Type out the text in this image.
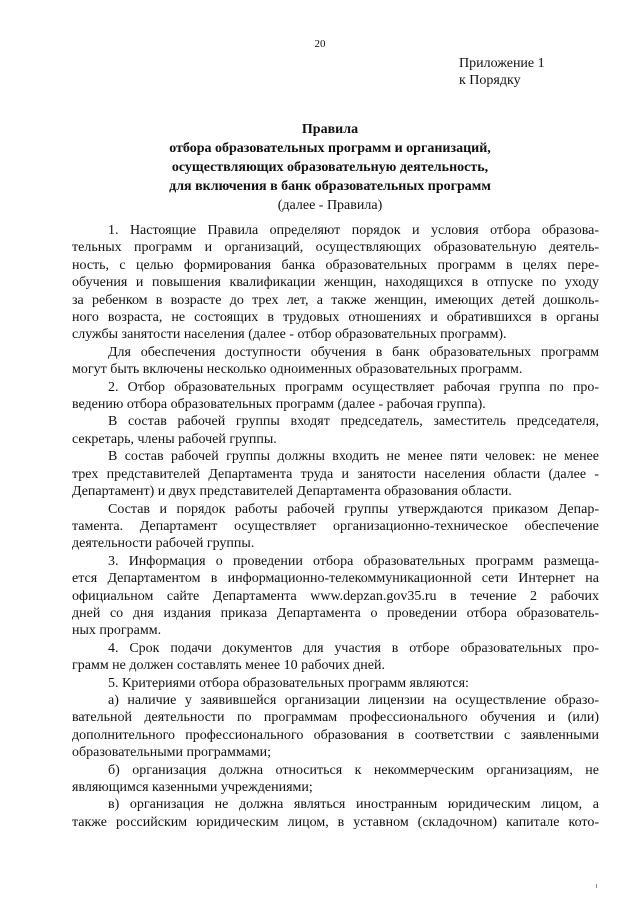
20
Приложение 1
к Порядку
Правила
отбора образовательных программ и организаций,
осуществляющих образовательную деятельность,
для включения в банк образовательных программ
(далее - Правила)

1. Настоящие Правила определяют порядок и условия отбора образова-

тельных программ и организаций, осуществляющих образовательную деятель-

ность, с целью формирования банка образовательных программ в целях пере-

обучения и повышения квалификации женщин, находящихся в отпуске по уходу

за ребенком в возрасте до трех лет, а также женщин, имеющих детей дошколь-

ного возраста, не состоящих в трудовых отношениях и обратившихся в органы

службы занятости населения (далее - отбор образовательных программ).

Для обеспечения доступности обучения в банк образовательных программ

могут быть включены несколько одноименных образовательных программ.

2. Отбор образовательных программ осуществляет рабочая группа по про-

ведению отбора образовательных программ (далее - рабочая группа).

В состав рабочей группы входят председатель, заместитель председателя,

секретарь, члены рабочей группы.

В состав рабочей группы должны входить не менее пяти человек: не менее

трех представителей Департамента труда и занятости населения области (далее -

Департамент) и двух представителей Департамента образования области.

Состав и порядок работы рабочей группы утверждаются приказом Депар-

тамента. Департамент осуществляет организационно-техническое обеспечение

деятельности рабочей группы.

3. Информация о проведении отбора образовательных программ размеща-

ется Департаментом в информационно-телекоммуникационной сети Интернет на

официальном сайте Департамента www.depzan.gov35.ru в течение 2 рабочих

дней со дня издания приказа Департамента о проведении отбора образователь-

ных программ.

4. Срок подачи документов для участия в отборе образовательных про-

грамм не должен составлять менее 10 рабочих дней.

5. Критериями отбора образовательных программ являются:

а) наличие у заявившейся организации лицензии на осуществление образо-

вательной деятельности по программам профессионального обучения и (или)

дополнительного профессионального образования в соответствии с заявленными

образовательными программами;

б) организация должна относиться к некоммерческим организациям, не

являющимся казенными учреждениями;

в) организация не должна являться иностранным юридическим лицом, а

также российским юридическим лицом, в уставном (складочном) капитале кото-
